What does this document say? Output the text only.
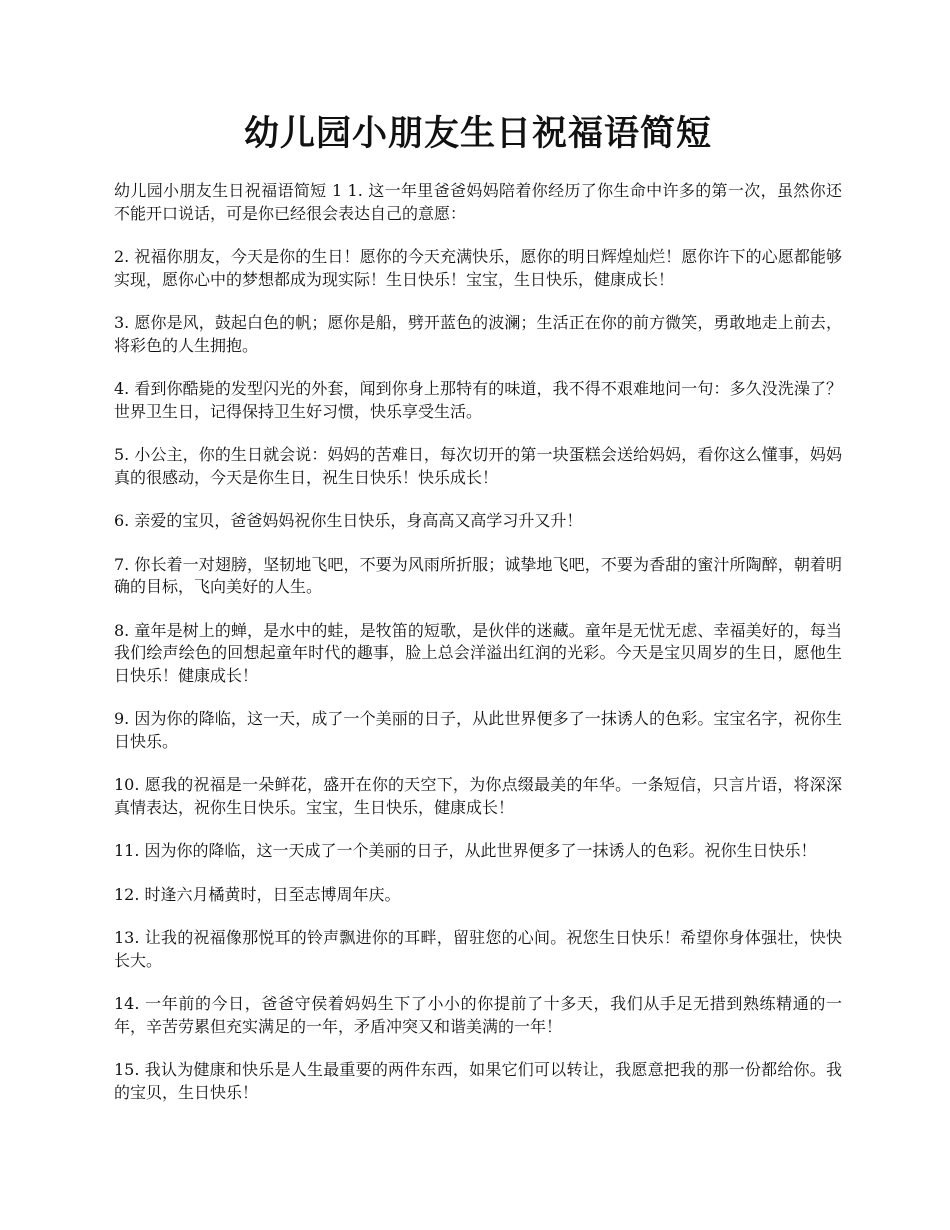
幼儿园小朋友生日祝福语简短

幼儿园小朋友生日祝福语简短 1 1. 这一年里爸爸妈妈陪着你经历了你生命中许多的第一次，虽然你还不能开口说话，可是你已经很会表达自己的意愿：

2. 祝福你朋友，今天是你的生日！愿你的今天充满快乐，愿你的明日辉煌灿烂！愿你许下的心愿都能够实现，愿你心中的梦想都成为现实际！生日快乐！宝宝，生日快乐，健康成长！

3. 愿你是风，鼓起白色的帆；愿你是船，劈开蓝色的波澜；生活正在你的前方微笑，勇敢地走上前去，将彩色的人生拥抱。

4. 看到你酷毙的发型闪光的外套，闻到你身上那特有的味道，我不得不艰难地问一句：多久没洗澡了？世界卫生日，记得保持卫生好习惯，快乐享受生活。

5. 小公主，你的生日就会说：妈妈的苦难日，每次切开的第一块蛋糕会送给妈妈，看你这么懂事，妈妈真的很感动，今天是你生日，祝生日快乐！快乐成长！

6. 亲爱的宝贝，爸爸妈妈祝你生日快乐，身高高又高学习升又升！

7. 你长着一对翅膀，坚韧地飞吧，不要为风雨所折服；诚挚地飞吧，不要为香甜的蜜汁所陶醉，朝着明确的目标，飞向美好的人生。

8. 童年是树上的蝉，是水中的蛙，是牧笛的短歌，是伙伴的迷藏。童年是无忧无虑、幸福美好的，每当我们绘声绘色的回想起童年时代的趣事，脸上总会洋溢出红润的光彩。今天是宝贝周岁的生日，愿他生日快乐！健康成长！

9. 因为你的降临，这一天，成了一个美丽的日子，从此世界便多了一抹诱人的色彩。宝宝名字，祝你生日快乐。

10. 愿我的祝福是一朵鲜花，盛开在你的天空下，为你点缀最美的年华。一条短信，只言片语，将深深真情表达，祝你生日快乐。宝宝，生日快乐，健康成长！

11. 因为你的降临，这一天成了一个美丽的日子，从此世界便多了一抹诱人的色彩。祝你生日快乐！

12. 时逢六月橘黄时，日至志博周年庆。

13. 让我的祝福像那悦耳的铃声飘进你的耳畔，留驻您的心间。祝您生日快乐！希望你身体强壮，快快长大。

14. 一年前的今日，爸爸守侯着妈妈生下了小小的你提前了十多天，我们从手足无措到熟练精通的一年，辛苦劳累但充实满足的一年，矛盾冲突又和谐美满的一年！

15. 我认为健康和快乐是人生最重要的两件东西，如果它们可以转让，我愿意把我的那一份都给你。我的宝贝，生日快乐！
